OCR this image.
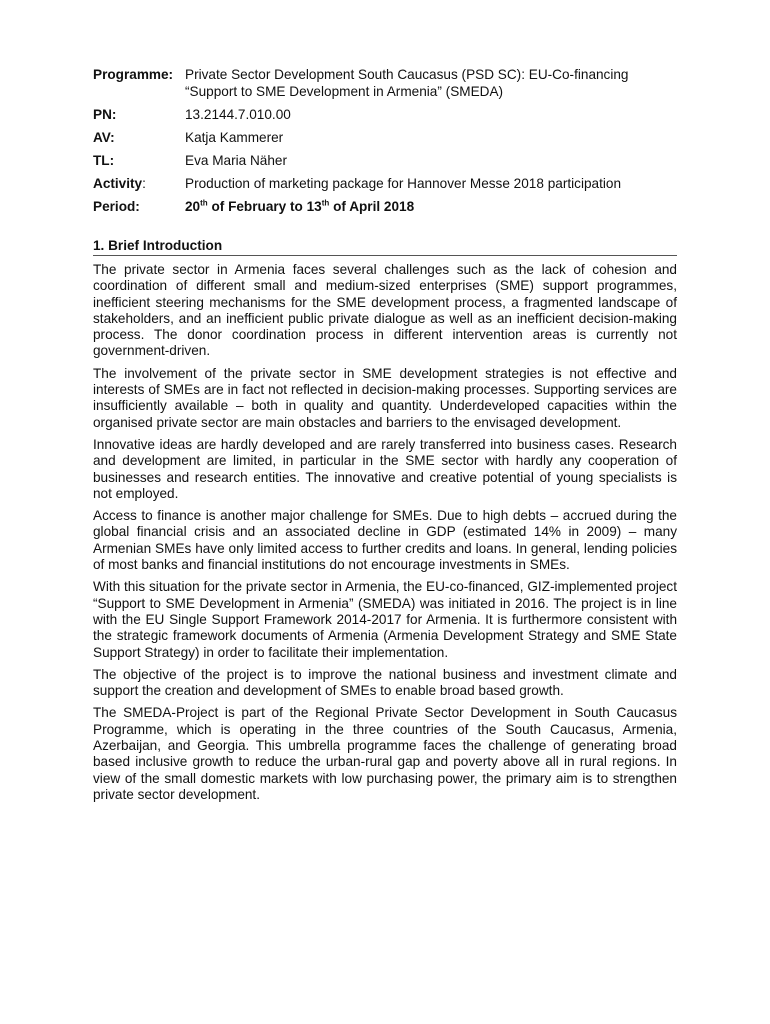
Programme: Private Sector Development South Caucasus (PSD SC): EU-Co-financing
“Support to SME Development in Armenia” (SMEDA)
PN:	13.2144.7.010.00
AV:	Katja Kammerer
TL:	Eva Maria Näher
Activity:	Production of marketing package for Hannover Messe 2018 participation
Period:	20th of February to 13th of April 2018
1. Brief Introduction

The private sector in Armenia faces several challenges such as the lack of cohesion and coordination of different small and medium-sized enterprises (SME) support programmes, inefficient steering mechanisms for the SME development process, a fragmented landscape of stakeholders, and an inefficient public private dialogue as well as an inefficient decision-making process. The donor coordination process in different intervention areas is currently not government-driven.

The involvement of the private sector in SME development strategies is not effective and interests of SMEs are in fact not reflected in decision-making processes. Supporting services are insufficiently available – both in quality and quantity. Underdeveloped capacities within the organised private sector are main obstacles and barriers to the envisaged development.

Innovative ideas are hardly developed and are rarely transferred into business cases. Research and development are limited, in particular in the SME sector with hardly any cooperation of businesses and research entities. The innovative and creative potential of young specialists is not employed.

Access to finance is another major challenge for SMEs. Due to high debts – accrued during the global financial crisis and an associated decline in GDP (estimated 14% in 2009) – many Armenian SMEs have only limited access to further credits and loans. In general, lending policies of most banks and financial institutions do not encourage investments in SMEs.

With this situation for the private sector in Armenia, the EU-co-financed, GIZ-implemented project “Support to SME Development in Armenia” (SMEDA) was initiated in 2016. The project is in line with the EU Single Support Framework 2014-2017 for Armenia. It is furthermore consistent with the strategic framework documents of Armenia (Armenia Development Strategy and SME State Support Strategy) in order to facilitate their implementation.

The objective of the project is to improve the national business and investment climate and support the creation and development of SMEs to enable broad based growth.

The SMEDA-Project is part of the Regional Private Sector Development in South Caucasus Programme, which is operating in the three countries of the South Caucasus, Armenia, Azerbaijan, and Georgia. This umbrella programme faces the challenge of generating broad based inclusive growth to reduce the urban-rural gap and poverty above all in rural regions. In view of the small domestic markets with low purchasing power, the primary aim is to strengthen private sector development.
